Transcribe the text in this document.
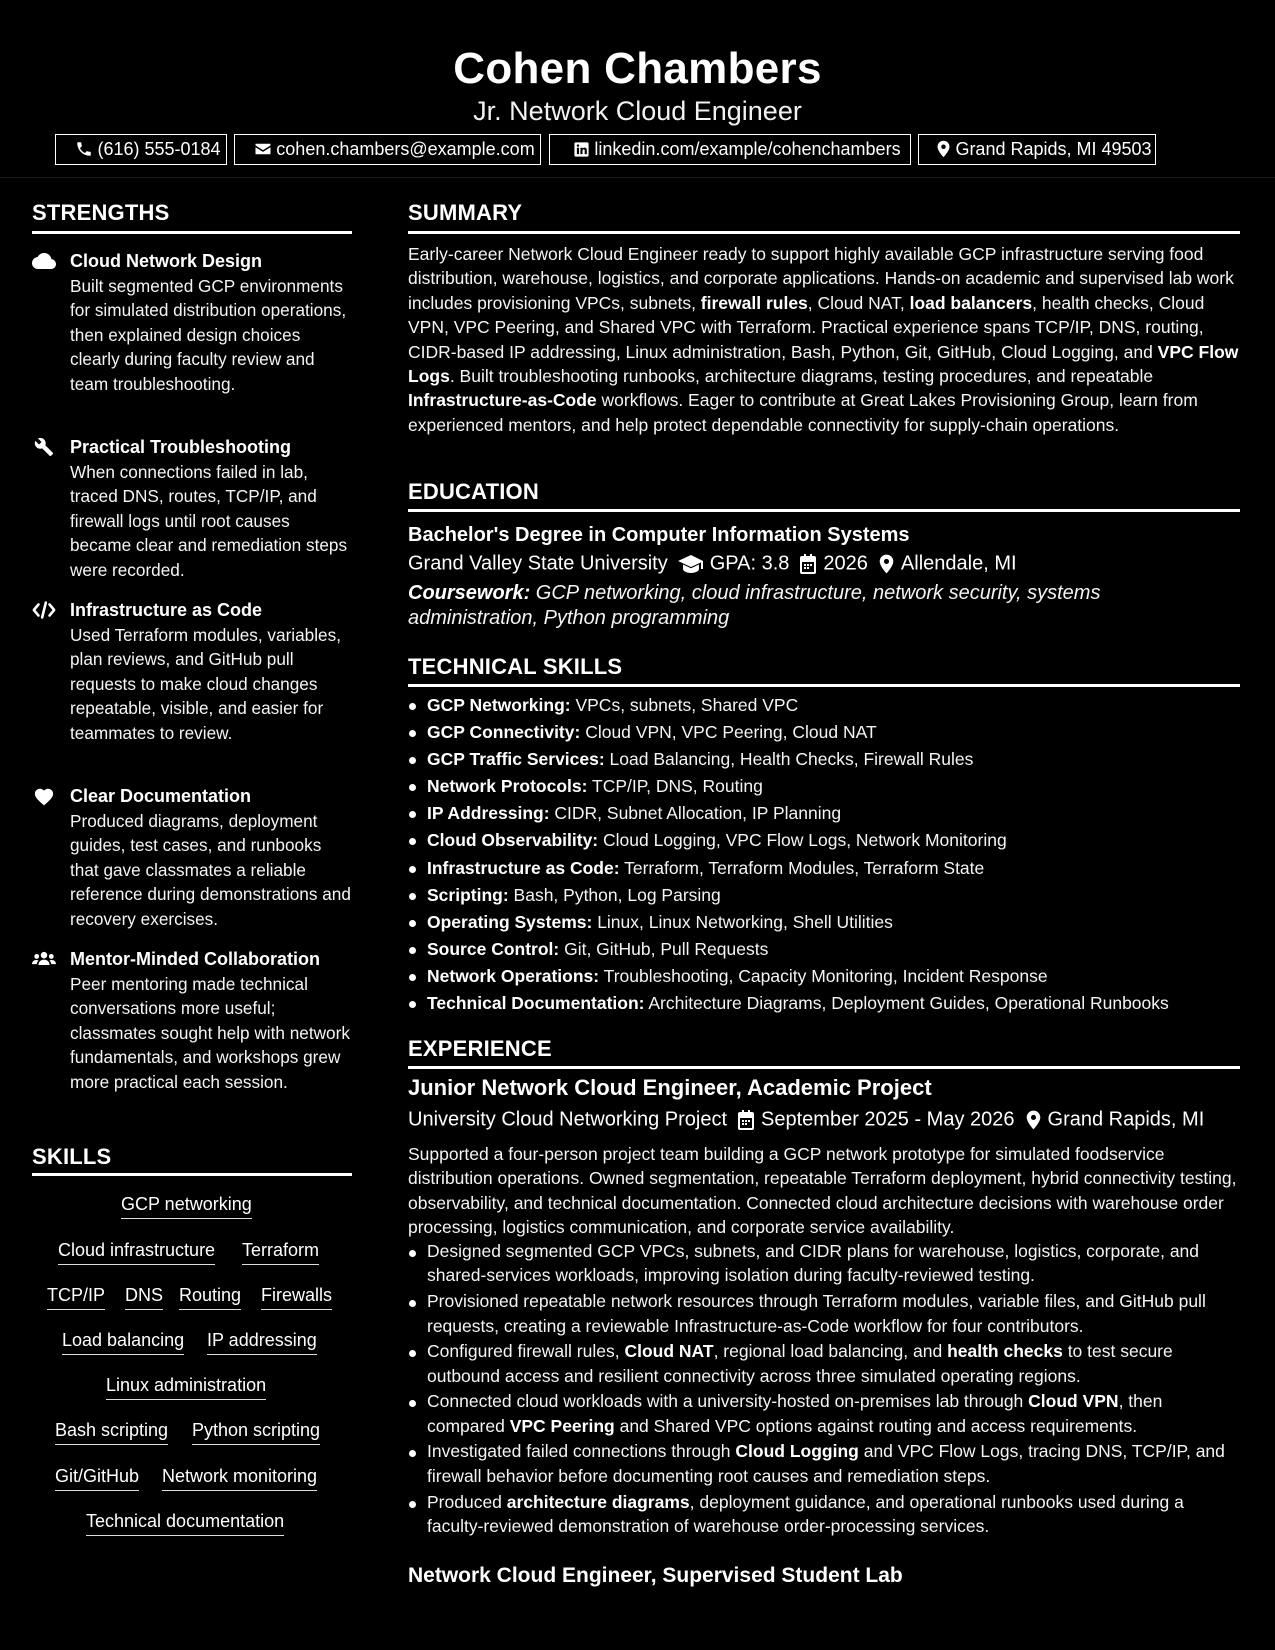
Cohen Chambers
Jr. Network Cloud Engineer
(616) 555-0184	cohen.chambers@example.com	linkedin.com/example/cohenchambers	Grand Rapids, MI 49503
STRENGTHS
Cloud Network Design
Built segmented GCP environments for simulated distribution operations, then explained design choices clearly during faculty review and team troubleshooting.
Practical Troubleshooting
When connections failed in lab, traced DNS, routes, TCP/IP, and firewall logs until root causes became clear and remediation steps were recorded.
Infrastructure as Code
Used Terraform modules, variables, plan reviews, and GitHub pull requests to make cloud changes repeatable, visible, and easier for teammates to review.
Clear Documentation
Produced diagrams, deployment guides, test cases, and runbooks that gave classmates a reliable reference during demonstrations and recovery exercises.
Mentor-Minded Collaboration
Peer mentoring made technical conversations more useful; classmates sought help with network fundamentals, and workshops grew more practical each session.
SKILLS
GCP networking
Cloud infrastructure Terraform
TCP/IP DNS Routing Firewalls
Load balancing IP addressing
Linux administration
Bash scripting Python scripting
Git/GitHub Network monitoring
Technical documentation
SUMMARY
Early-career Network Cloud Engineer ready to support highly available GCP infrastructure serving food distribution, warehouse, logistics, and corporate applications. Hands-on academic and supervised lab work includes provisioning VPCs, subnets, firewall rules, Cloud NAT, load balancers, health checks, Cloud VPN, VPC Peering, and Shared VPC with Terraform. Practical experience spans TCP/IP, DNS, routing, CIDR-based IP addressing, Linux administration, Bash, Python, Git, GitHub, Cloud Logging, and VPC Flow Logs. Built troubleshooting runbooks, architecture diagrams, testing procedures, and repeatable Infrastructure-as-Code workflows. Eager to contribute at Great Lakes Provisioning Group, learn from experienced mentors, and help protect dependable connectivity for supply-chain operations.
EDUCATION
Bachelor's Degree in Computer Information Systems
Grand Valley State University GPA: 3.8 2026 Allendale, MI
Coursework: GCP networking, cloud infrastructure, network security, systems administration, Python programming
TECHNICAL SKILLS
GCP Networking: VPCs, subnets, Shared VPC
GCP Connectivity: Cloud VPN, VPC Peering, Cloud NAT
GCP Traffic Services: Load Balancing, Health Checks, Firewall Rules
Network Protocols: TCP/IP, DNS, Routing
IP Addressing: CIDR, Subnet Allocation, IP Planning
Cloud Observability: Cloud Logging, VPC Flow Logs, Network Monitoring
Infrastructure as Code: Terraform, Terraform Modules, Terraform State
Scripting: Bash, Python, Log Parsing
Operating Systems: Linux, Linux Networking, Shell Utilities
Source Control: Git, GitHub, Pull Requests
Network Operations: Troubleshooting, Capacity Monitoring, Incident Response
Technical Documentation: Architecture Diagrams, Deployment Guides, Operational Runbooks
EXPERIENCE
Junior Network Cloud Engineer, Academic Project
University Cloud Networking Project September 2025 - May 2026 Grand Rapids, MI
Supported a four-person project team building a GCP network prototype for simulated foodservice distribution operations. Owned segmentation, repeatable Terraform deployment, hybrid connectivity testing, observability, and technical documentation. Connected cloud architecture decisions with warehouse order processing, logistics communication, and corporate service availability.
Designed segmented GCP VPCs, subnets, and CIDR plans for warehouse, logistics, corporate, and shared-services workloads, improving isolation during faculty-reviewed testing.
Provisioned repeatable network resources through Terraform modules, variable files, and GitHub pull requests, creating a reviewable Infrastructure-as-Code workflow for four contributors.
Configured firewall rules, Cloud NAT, regional load balancing, and health checks to test secure outbound access and resilient connectivity across three simulated operating regions.
Connected cloud workloads with a university-hosted on-premises lab through Cloud VPN, then compared VPC Peering and Shared VPC options against routing and access requirements.
Investigated failed connections through Cloud Logging and VPC Flow Logs, tracing DNS, TCP/IP, and firewall behavior before documenting root causes and remediation steps.
Produced architecture diagrams, deployment guidance, and operational runbooks used during a faculty-reviewed demonstration of warehouse order-processing services.
Network Cloud Engineer, Supervised Student Lab
